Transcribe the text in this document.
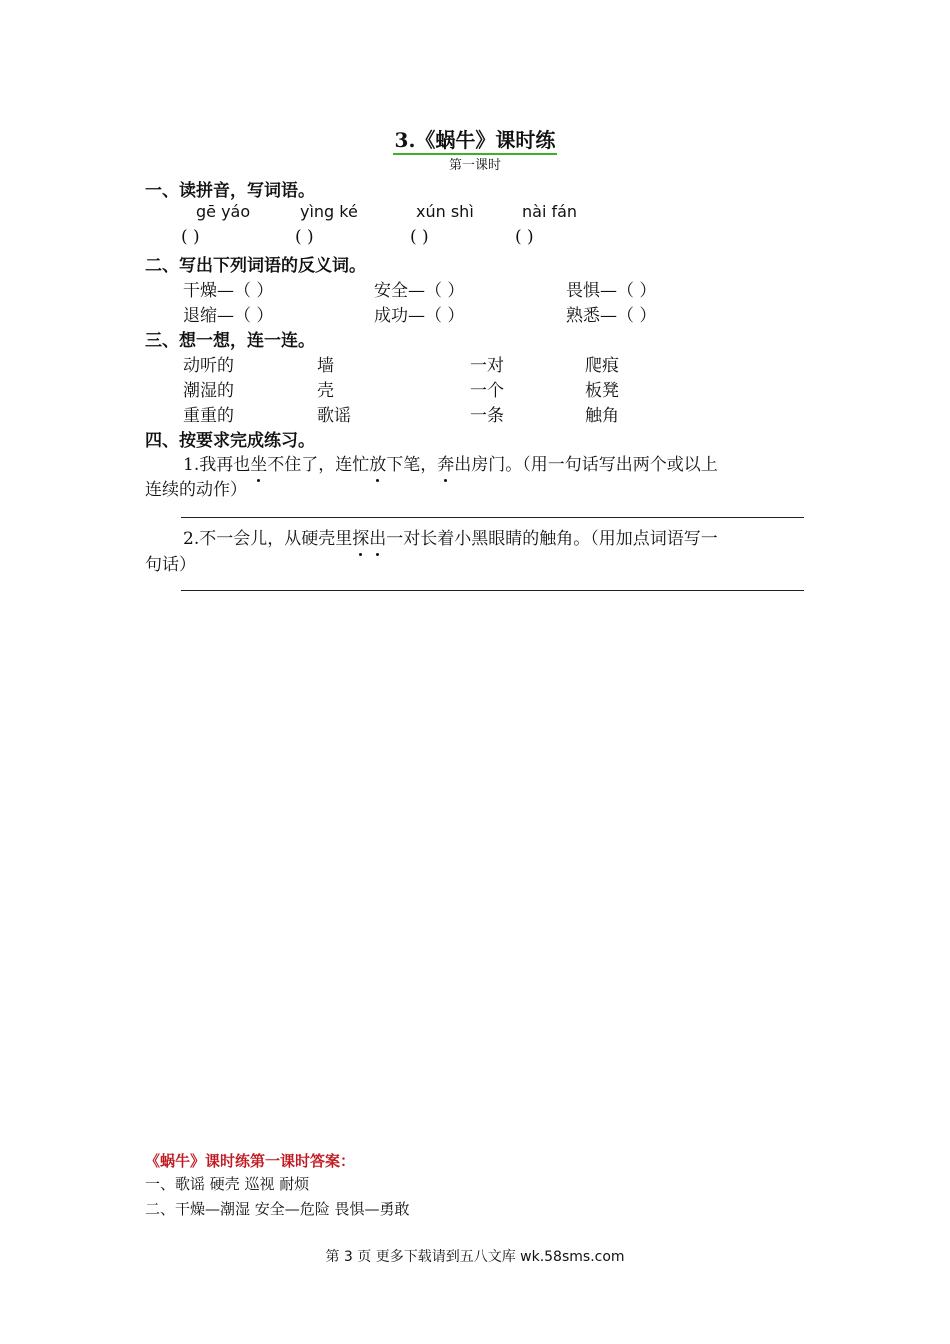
3.《蜗牛》课时练
第一课时
一、读拼音，写词语。
gē yáo	yìng ké	xún shì	nài fán
( )	( )	( )	( )
二、写出下列词语的反义词。
干燥—（ ）	安全—（ ）	畏惧—（ ）
退缩—（ ）	成功—（ ）	熟悉—（ ）
三、想一想，连一连。
动听的	墙	一对	爬痕
潮湿的	壳	一个	板凳
重重的	歌谣	一条	触角
四、按要求完成练习。
1.我再也坐不住了，连忙放下笔，奔出房门。（用一句话写出两个或以上
连续的动作）
2.不一会儿，从硬壳里探出一对长着小黑眼睛的触角。（用加点词语写一
句话）
《蜗牛》课时练第一课时答案：
一、歌谣 硬壳 巡视 耐烦
二、干燥—潮湿 安全—危险 畏惧—勇敢
第 3 页 更多下载请到五八文库 wk.58sms.com
